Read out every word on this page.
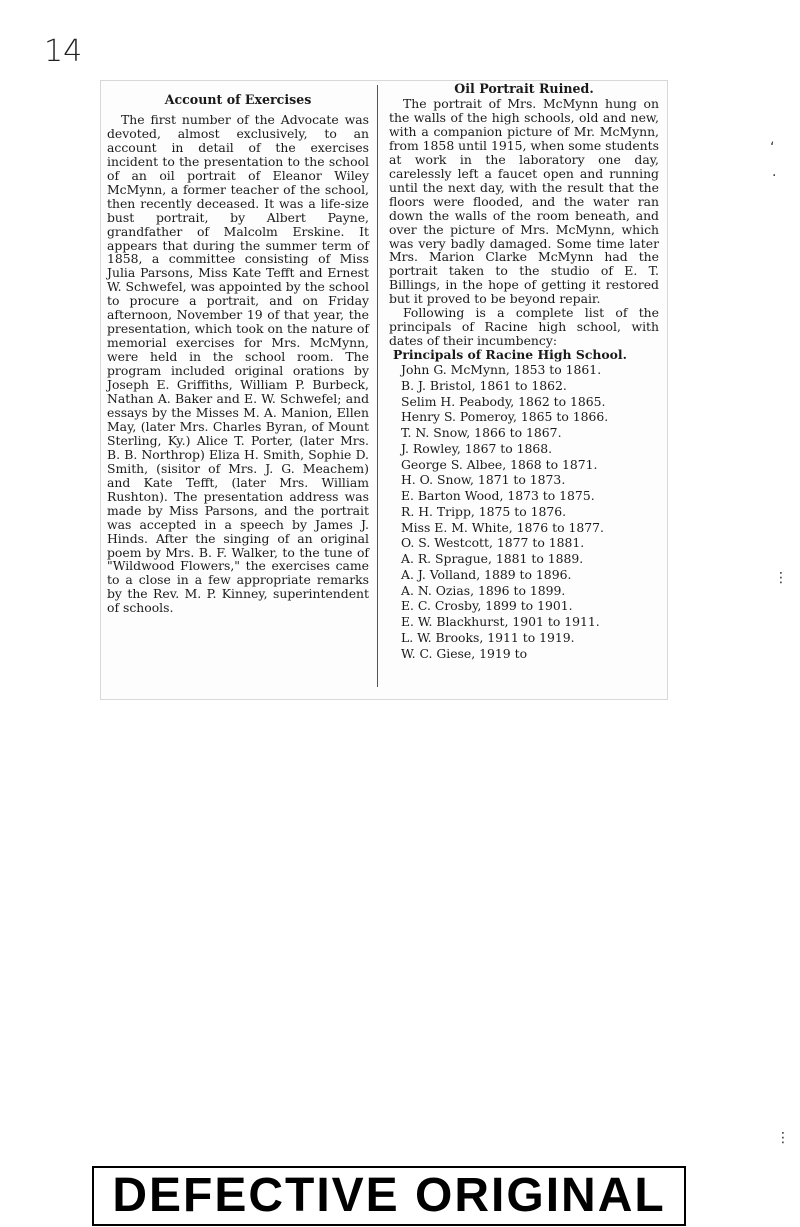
14
Account of Exercises

The first number of the Advocate was devoted, almost exclusively, to an account in detail of the exercises incident to the presentation to the school of an oil portrait of Eleanor Wiley McMynn, a former teacher of the school, then recently deceased. It was a life-size bust portrait, by Albert Payne, grandfather of Malcolm Erskine. It appears that during the summer term of 1858, a committee consisting of Miss Julia Parsons, Miss Kate Tefft and Ernest W. Schwefel, was appointed by the school to procure a portrait, and on Friday afternoon, November 19 of that year, the presentation, which took on the nature of memorial exercises for Mrs. McMynn, were held in the school room. The program included original orations by Joseph E. Griffiths, William P. Burbeck, Nathan A. Baker and E. W. Schwefel; and essays by the Misses M. A. Manion, Ellen May, (later Mrs. Charles Byran, of Mount Sterling, Ky.) Alice T. Porter, (later Mrs. B. B. Northrop) Eliza H. Smith, Sophie D. Smith, (sisitor of Mrs. J. G. Meachem) and Kate Tefft, (later Mrs. William Rushton). The presentation address was made by Miss Parsons, and the portrait was accepted in a speech by James J. Hinds. After the singing of an original poem by Mrs. B. F. Walker, to the tune of "Wildwood Flowers," the exercises came to a close in a few appropriate remarks by the Rev. M. P. Kinney, superintendent of schools.

Oil Portrait Ruined.

The portrait of Mrs. McMynn hung on the walls of the high schools, old and new, with a companion picture of Mr. McMynn, from 1858 until 1915, when some students at work in the laboratory one day, carelessly left a faucet open and running until the next day, with the result that the floors were flooded, and the water ran down the walls of the room beneath, and over the picture of Mrs. McMynn, which was very badly damaged. Some time later Mrs. Marion Clarke McMynn had the portrait taken to the studio of E. T. Billings, in the hope of getting it restored but it proved to be beyond repair.

Following is a complete list of the principals of Racine high school, with dates of their incumbency:

Principals of Racine High School.
John G. McMynn, 1853 to 1861.
B. J. Bristol, 1861 to 1862.
Selim H. Peabody, 1862 to 1865.
Henry S. Pomeroy, 1865 to 1866.
T. N. Snow, 1866 to 1867.
J. Rowley, 1867 to 1868.
George S. Albee, 1868 to 1871.
H. O. Snow, 1871 to 1873.
E. Barton Wood, 1873 to 1875.
R. H. Tripp, 1875 to 1876.
Miss E. M. White, 1876 to 1877.
O. S. Westcott, 1877 to 1881.
A. R. Sprague, 1881 to 1889.
A. J. Volland, 1889 to 1896.
A. N. Ozias, 1896 to 1899.
E. C. Crosby, 1899 to 1901.
E. W. Blackhurst, 1901 to 1911.
L. W. Brooks, 1911 to 1919.
W. C. Giese, 1919 to
‘
·
⋮
⋮
DEFECTIVE ORIGINAL
